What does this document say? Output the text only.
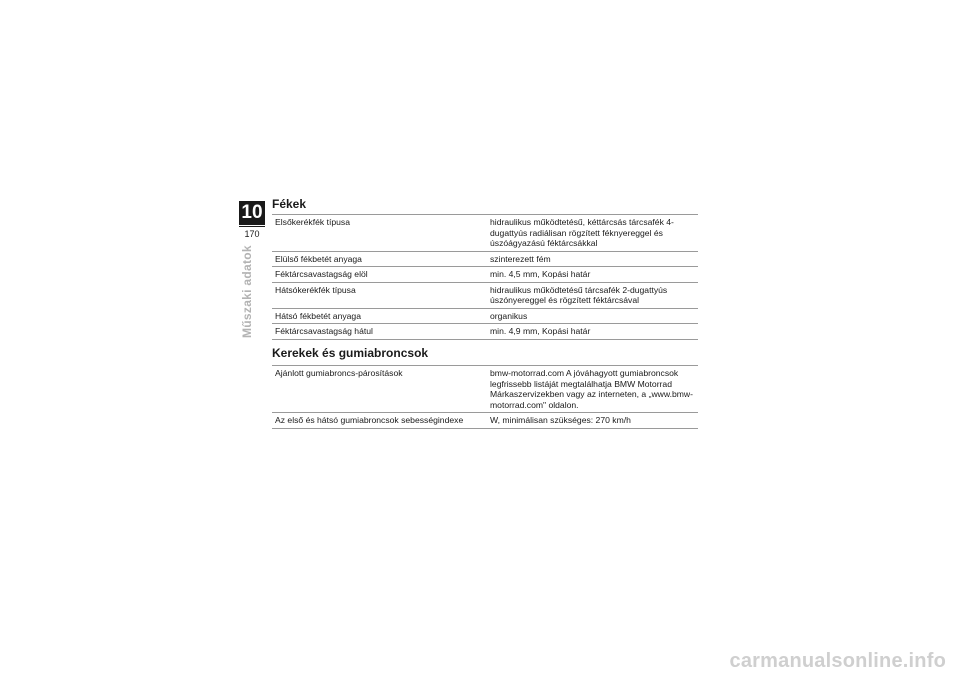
10
170
Műszaki adatok
Fékek
Elsőkerékfék típusa	hidraulikus működtetésű, kéttárcsás tárcsafék 4-dugattyús radiálisan rögzített féknyereggel és úszóágyazású féktárcsákkal
Elülső fékbetét anyaga	szinterezett fém
Féktárcsavastagság elöl	min. 4,5 mm, Kopási határ
Hátsókerékfék típusa	hidraulikus működtetésű tárcsafék 2-dugattyús úszónyereggel és rögzített féktárcsával
Hátsó fékbetét anyaga	organikus
Féktárcsavastagság hátul	min. 4,9 mm, Kopási határ
Kerekek és gumiabroncsok
Ajánlott gumiabroncs-párosítások	bmw-motorrad.com A jóváhagyott gumiabroncsok legfrissebb listáját megtalálhatja BMW Motorrad Márkaszervizekben vagy az interneten, a „www.bmw-motorrad.com" oldalon.
Az első és hátsó gumiabroncsok sebességindexe	W, minimálisan szükséges: 270 km/h
carmanualsonline.info
